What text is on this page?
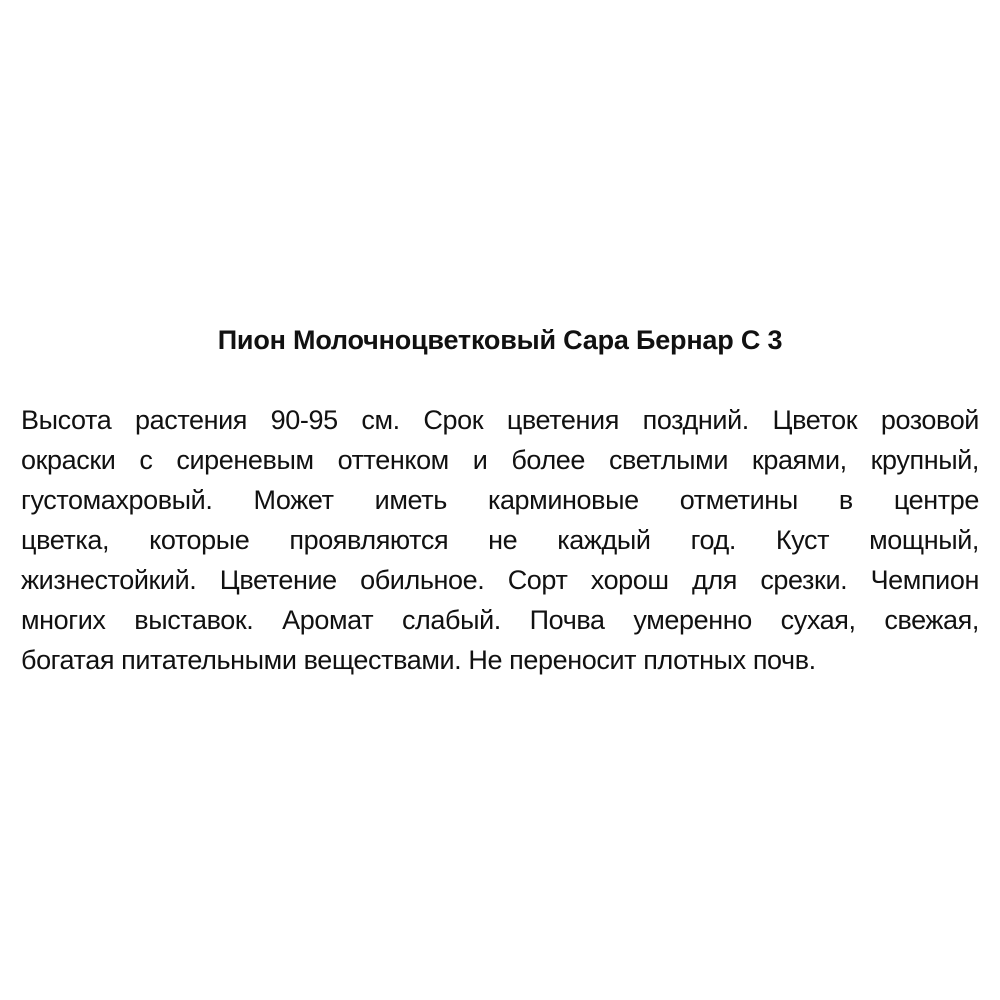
Пион Молочноцветковый Сара Бернар С 3
Высота растения 90-95 см. Срок цветения поздний. Цветок розовой
окраски с сиреневым оттенком и более светлыми краями, крупный,
густомахровый. Может иметь карминовые отметины в центре
цветка, которые проявляются не каждый год. Куст мощный,
жизнестойкий. Цветение обильное. Сорт хорош для срезки. Чемпион
многих выставок. Аромат слабый. Почва умеренно сухая, свежая,
богатая питательными веществами. Не переносит плотных почв.
